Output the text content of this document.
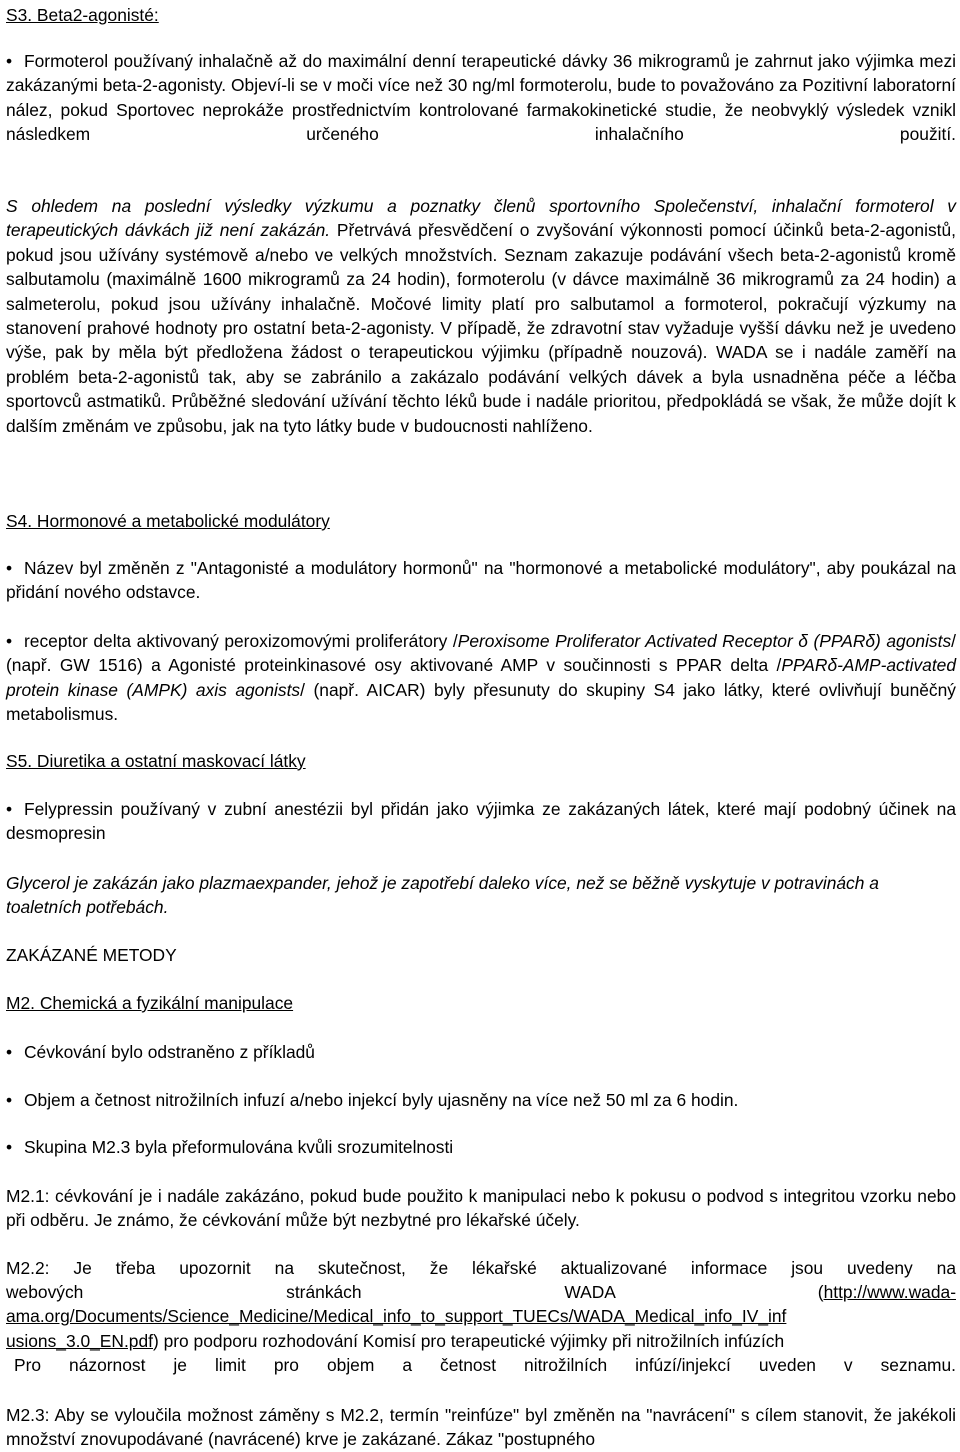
S3. Beta2-agonisté:
• Formoterol používaný inhalačně až do maximální denní terapeutické dávky 36 mikrogramů je zahrnut jako výjimka mezi zakázanými beta-2-agonisty. Objeví-li se v moči více než 30 ng/ml formoterolu, bude to považováno za Pozitivní laboratorní nález, pokud Sportovec neprokáže prostřednictvím kontrolované farmakokinetické studie, že neobvyklý výsledek vznikl následkem určeného inhalačního použití.
S ohledem na poslední výsledky výzkumu a poznatky členů sportovního Společenství, inhalační formoterol v terapeutických dávkách již není zakázán. Přetrvává přesvědčení o zvyšování výkonnosti pomocí účinků beta-2-agonistů, pokud jsou užívány systémově a/nebo ve velkých množstvích. Seznam zakazuje podávání všech beta-2-agonistů kromě salbutamolu (maximálně 1600 mikrogramů za 24 hodin), formoterolu (v dávce maximálně 36 mikrogramů za 24 hodin) a salmeterolu, pokud jsou užívány inhalačně. Močové limity platí pro salbutamol a formoterol, pokračují výzkumy na stanovení prahové hodnoty pro ostatní beta-2-agonisty. V případě, že zdravotní stav vyžaduje vyšší dávku než je uvedeno výše, pak by měla být předložena žádost o terapeutickou výjimku (případně nouzová). WADA se i nadále zaměří na problém beta-2-agonistů tak, aby se zabránilo a zakázalo podávání velkých dávek a byla usnadněna péče a léčba sportovců astmatiků. Průběžné sledování užívání těchto léků bude i nadále prioritou, předpokládá se však, že může dojít k dalším změnám ve způsobu, jak na tyto látky bude v budoucnosti nahlíženo.
S4. Hormonové a metabolické modulátory
• Název byl změněn z "Antagonisté a modulátory hormonů" na "hormonové a metabolické modulátory", aby poukázal na přidání nového odstavce.
• receptor delta aktivovaný peroxizomovými proliferátory /Peroxisome Proliferator Activated Receptor δ (PPARδ) agonists/ (např. GW 1516) a Agonisté proteinkinasové osy aktivované AMP v součinnosti s PPAR delta /PPARδ-AMP-activated protein kinase (AMPK) axis agonists/ (např. AICAR) byly přesunuty do skupiny S4 jako látky, které ovlivňují buněčný metabolismus.
S5. Diuretika a ostatní maskovací látky
• Felypressin používaný v zubní anestézii byl přidán jako výjimka ze zakázaných látek, které mají podobný účinek na desmopresin
Glycerol je zakázán jako plazmaexpander, jehož je zapotřebí daleko více, než se běžně vyskytuje v potravinách a toaletních potřebách.
ZAKÁZANÉ METODY
M2. Chemická a fyzikální manipulace
• Cévkování bylo odstraněno z příkladů
• Objem a četnost nitrožilních infuzí a/nebo injekcí byly ujasněny na více než 50 ml za 6 hodin.
• Skupina M2.3 byla přeformulována kvůli srozumitelnosti
M2.1: cévkování je i nadále zakázáno, pokud bude použito k manipulaci nebo k pokusu o podvod s integritou vzorku nebo při odběru. Je známo, že cévkování může být nezbytné pro lékařské účely.
M2.2: Je třeba upozornit na skutečnost, že lékařské aktualizované informace jsou uvedeny na
webových stránkách WADA	(http://www.wada-
ama.org/Documents/Science_Medicine/Medical_info_to_support_TUECs/WADA_Medical_info_IV_inf
usions_3.0_EN.pdf) pro podporu rozhodování Komisí pro terapeutické výjimky při nitrožilních infúzích
Pro názornost je limit pro objem a četnost nitrožilních infúzí/injekcí uveden v seznamu.
M2.3: Aby se vyloučila možnost záměny s M2.2, termín "reinfúze" byl změněn na "navrácení" s cílem stanovit, že jakékoli množství znovupodávané (navrácené) krve je zakázané. Zákaz "postupného
